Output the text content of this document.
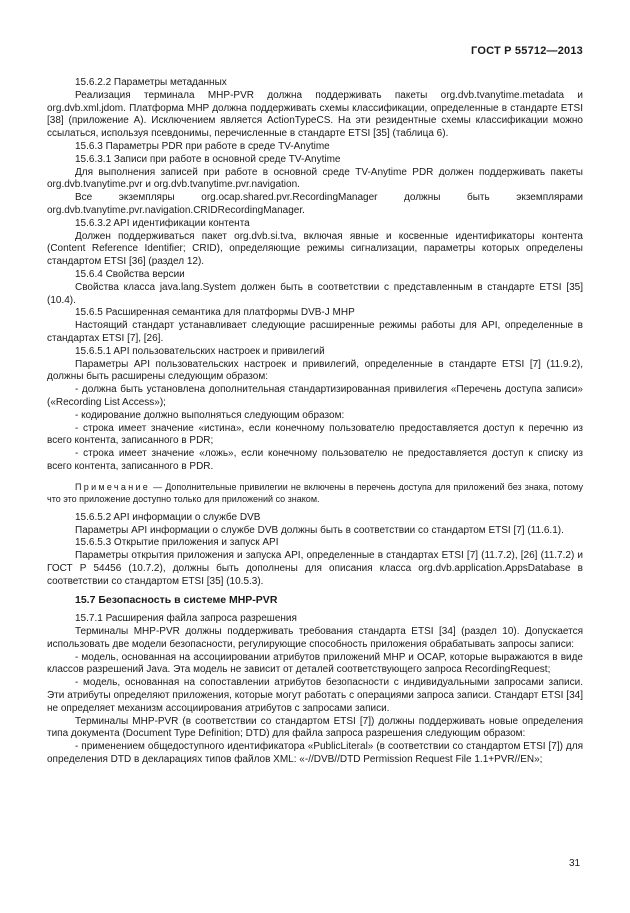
ГОСТ Р 55712—2013

15.6.2.2 Параметры метаданных

Реализация терминала MHP-PVR должна поддерживать пакеты org.dvb.tvanytime.metadata и org.dvb.xml.jdom. Платформа MHP должна поддерживать схемы классификации, определенные в стандарте ETSI [38] (приложение А). Исключением является ActionTypeCS. На эти резидентные схемы классификации можно ссылаться, используя псевдонимы, перечисленные в стандарте ETSI [35] (таблица 6).

15.6.3 Параметры PDR при работе в среде TV-Anytime

15.6.3.1 Записи при работе в основной среде TV-Anytime

Для выполнения записей при работе в основной среде TV-Anytime PDR должен поддерживать пакеты org.dvb.tvanytime.pvr и org.dvb.tvanytime.pvr.navigation.

Все экземпляры org.ocap.shared.pvr.RecordingManager должны быть экземплярами org.dvb.tvanytime.pvr.navigation.CRIDRecordingManager.

15.6.3.2 API идентификации контента

Должен поддерживаться пакет org.dvb.si.tva, включая явные и косвенные идентификаторы контента (Content Reference Identifier; CRID), определяющие режимы сигнализации, параметры которых определены стандартом ETSI [36] (раздел 12).

15.6.4 Свойства версии

Свойства класса java.lang.System должен быть в соответствии с представленным в стандарте ETSI [35] (10.4).

15.6.5 Расширенная семантика для платформы DVB-J MHP

Настоящий стандарт устанавливает следующие расширенные режимы работы для API, определенные в стандартах ETSI [7], [26].

15.6.5.1 API пользовательских настроек и привилегий

Параметры API пользовательских настроек и привилегий, определенные в стандарте ETSI [7] (11.9.2), должны быть расширены следующим образом:

- должна быть установлена дополнительная стандартизированная привилегия «Перечень доступа записи» («Recording List Access»);

- кодирование должно выполняться следующим образом:

- строка имеет значение «истина», если конечному пользователю предоставляется доступ к перечню из всего контента, записанного в PDR;

- строка имеет значение «ложь», если конечному пользователю не предоставляется доступ к списку из всего контента, записанного в PDR.

Примечание — Дополнительные привилегии не включены в перечень доступа для приложений без знака, потому что это приложение доступно только для приложений со знаком.

15.6.5.2 API информации о службе DVB

Параметры API информации о службе DVB должны быть в соответствии со стандартом ETSI [7] (11.6.1).

15.6.5.3 Открытие приложения и запуск API

Параметры открытия приложения и запуска API, определенные в стандартах ETSI [7] (11.7.2), [26] (11.7.2) и ГОСТ Р 54456 (10.7.2), должны быть дополнены для описания класса org.dvb.application.AppsDatabase в соответствии со стандартом ETSI [35] (10.5.3).

15.7 Безопасность в системе MHP-PVR

15.7.1 Расширения файла запроса разрешения

Терминалы MHP-PVR должны поддерживать требования стандарта ETSI [34] (раздел 10). Допускается использовать две модели безопасности, регулирующие способность приложения обрабатывать запросы записи:

- модель, основанная на ассоциировании атрибутов приложений MHP и OCAP, которые выражаются в виде классов разрешений Java. Эта модель не зависит от деталей соответствующего запроса RecordingRequest;

- модель, основанная на сопоставлении атрибутов безопасности с индивидуальными запросами записи. Эти атрибуты определяют приложения, которые могут работать с операциями запроса записи. Стандарт ETSI [34] не определяет механизм ассоциирования атрибутов с запросами записи.

Терминалы MHP-PVR (в соответствии со стандартом ETSI [7]) должны поддерживать новые определения типа документа (Document Type Definition; DTD) для файла запроса разрешения следующим образом:

- применением общедоступного идентификатора «PublicLiteral» (в соответствии со стандартом ETSI [7]) для определения DTD в декларациях типов файлов XML: «-//DVB//DTD Permission Request File 1.1+PVR//EN»;

31
